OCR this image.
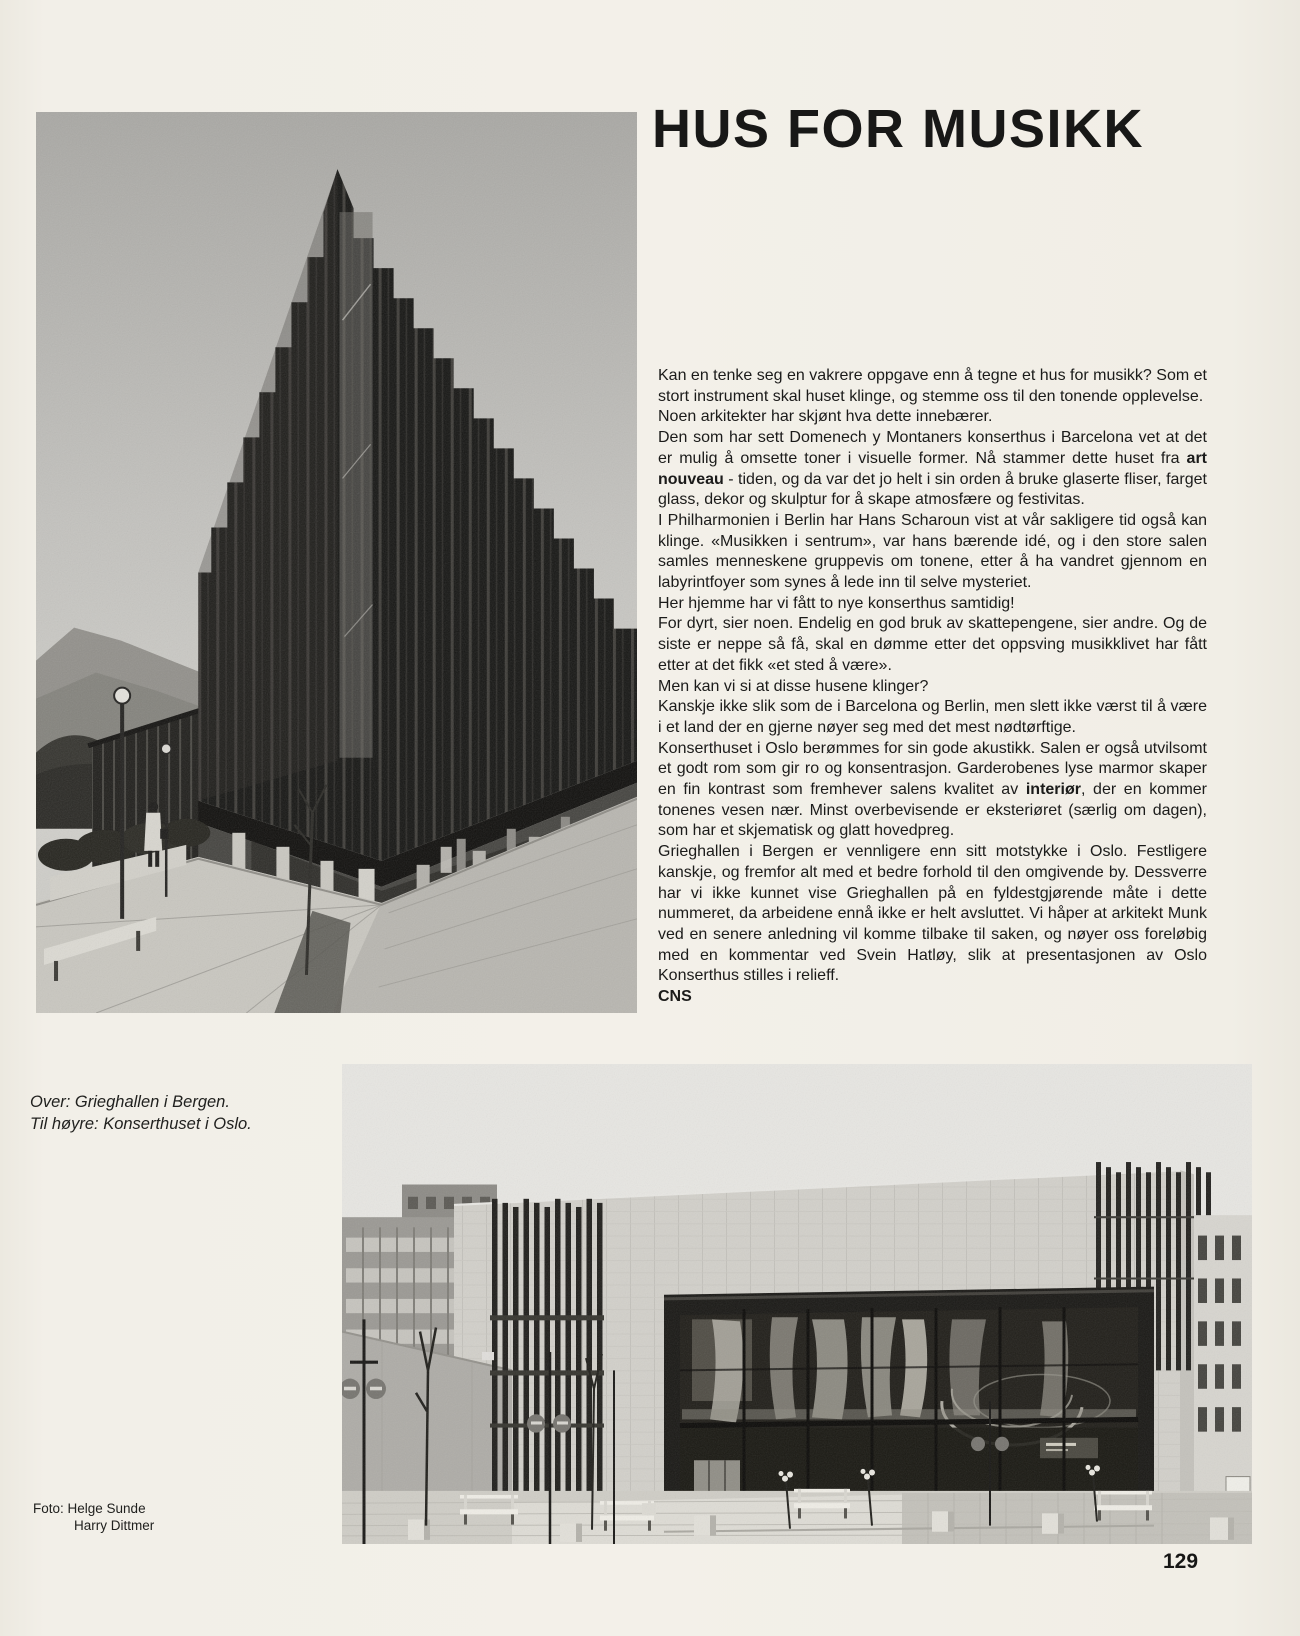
HUS FOR MUSIKK

Kan en tenke seg en vakrere oppgave enn å tegne et hus for musikk? Som et stort instrument skal huset klinge, og stemme oss til den tonende opplevelse.

Noen arkitekter har skjønt hva dette innebærer.

Den som har sett Domenech y Montaners konserthus i Barcelona vet at det er mulig å omsette toner i visuelle former. Nå stammer dette huset fra art nouveau - tiden, og da var det jo helt i sin orden å bruke glaserte fliser, farget glass, dekor og skulptur for å skape atmosfære og festivitas.

I Philharmonien i Berlin har Hans Scharoun vist at vår sakligere tid også kan klinge. «Musikken i sentrum», var hans bærende idé, og i den store salen samles menneskene gruppevis om tonene, etter å ha vandret gjennom en labyrintfoyer som synes å lede inn til selve mysteriet.

Her hjemme har vi fått to nye konserthus samtidig!

For dyrt, sier noen. Endelig en god bruk av skattepengene, sier andre. Og de siste er neppe så få, skal en dømme etter det oppsving musikklivet har fått etter at det fikk «et sted å være».

Men kan vi si at disse husene klinger?

Kanskje ikke slik som de i Barcelona og Berlin, men slett ikke værst til å være i et land der en gjerne nøyer seg med det mest nødtørftige.

Konserthuset i Oslo berømmes for sin gode akustikk. Salen er også utvilsomt et godt rom som gir ro og konsentrasjon. Garderobenes lyse marmor skaper en fin kontrast som fremhever salens kvalitet av interiør, der en kommer tonenes vesen nær. Minst overbevisende er eksteriøret (særlig om dagen), som har et skjematisk og glatt hovedpreg.

Grieghallen i Bergen er vennligere enn sitt motstykke i Oslo. Festligere kanskje, og fremfor alt med et bedre forhold til den omgivende by. Dessverre har vi ikke kunnet vise Grieghallen på en fyldestgjørende måte i dette nummeret, da arbeidene ennå ikke er helt avsluttet. Vi håper at arkitekt Munk ved en senere anledning vil komme tilbake til saken, og nøyer oss foreløbig med en kommentar ved Svein Hatløy, slik at presentasjonen av Oslo Konserthus stilles i relieff.

CNS

Over: Grieghallen i Bergen.
Til høyre: Konserthuset i Oslo.
Foto: Helge Sunde
Harry Dittmer
129
